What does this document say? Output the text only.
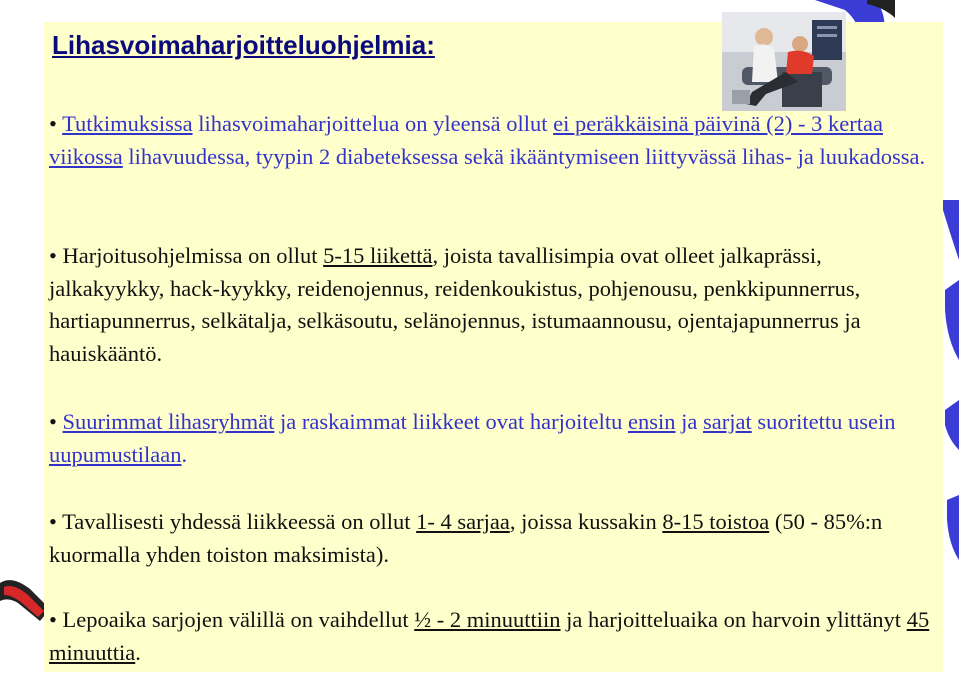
Lihasvoimaharjoitteluohjelmia:

• Tutkimuksissa lihasvoimaharjoittelua on yleensä ollut ei peräkkäisinä päivinä (2) - 3 kertaa viikossa lihavuudessa, tyypin 2 diabeteksessa sekä ikääntymiseen liittyvässä lihas- ja luukadossa.

• Harjoitusohjelmissa on ollut 5-15 liikettä, joista tavallisimpia ovat olleet jalkaprässi, jalkakyykky, hack-kyykky, reidenojennus, reidenkoukistus, pohjenousu, penkkipunnerrus, hartiapunnerrus, selkätalja, selkäsoutu, selänojennus, istumaannousu, ojentajapunnerrus ja hauiskääntö.

• Suurimmat lihasryhmät ja raskaimmat liikkeet ovat harjoiteltu ensin ja sarjat suoritettu usein uupumustilaan.

• Tavallisesti yhdessä liikkeessä on ollut 1- 4 sarjaa, joissa kussakin 8-15 toistoa (50 - 85%:n kuormalla yhden toiston maksimista).

• Lepoaika sarjojen välillä on vaihdellut ½ - 2 minuuttiin ja harjoitteluaika on harvoin ylittänyt 45 minuuttia.
